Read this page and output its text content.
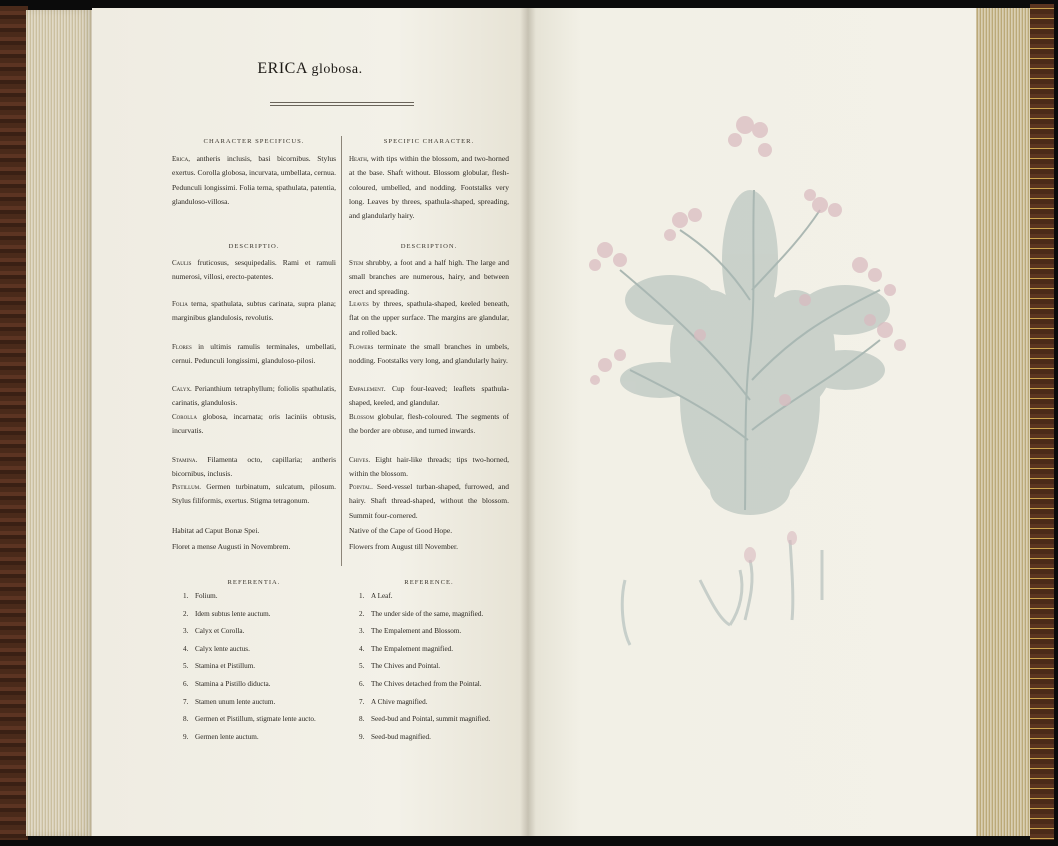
ERICA globosa.
CHARACTER SPECIFICUS.	SPECIFIC CHARACTER.

Erica, antheris inclusis, basi bicornibus. Stylus exertus. Corolla globosa, incurvata, umbellata, cernua. Pedunculi longissimi. Folia terna, spathulata, patentia, glanduloso-villosa.

Heath, with tips within the blossom, and two-horned at the base. Shaft without. Blossom globular, flesh-coloured, umbelled, and nodding. Footstalks very long. Leaves by threes, spathula-shaped, spreading, and glandularly hairy.

DESCRIPTIO.	DESCRIPTION.

Caulis fruticosus, sesquipedalis. Rami et ramuli numerosi, villosi, erecto-patentes.

Folia terna, spathulata, subtus carinata, supra plana; marginibus glandulosis, revolutis.

Flores in ultimis ramulis terminales, umbellati, cernui. Pedunculi longissimi, glanduloso-pilosi.

Calyx. Perianthium tetraphyllum; foliolis spathulatis, carinatis, glandulosis.

Corolla globosa, incarnata; oris laciniis obtusis, incurvatis.

Stamina. Filamenta octo, capillaria; antheris bicornibus, inclusis.

Pistillum. Germen turbinatum, sulcatum, pilosum. Stylus filiformis, exertus. Stigma tetragonum.

Habitat ad Caput Bonæ Spei.

Floret a mense Augusti in Novembrem.

Stem shrubby, a foot and a half high. The large and small branches are numerous, hairy, and between erect and spreading.

Leaves by threes, spathula-shaped, keeled beneath, flat on the upper surface. The margins are glandular, and rolled back.

Flowers terminate the small branches in umbels, nodding. Footstalks very long, and glandularly hairy.

Empalement. Cup four-leaved; leaflets spathula-shaped, keeled, and glandular.

Blossom globular, flesh-coloured. The segments of the border are obtuse, and turned inwards.

Chives. Eight hair-like threads; tips two-horned, within the blossom.

Pointal. Seed-vessel turban-shaped, furrowed, and hairy. Shaft thread-shaped, without the blossom. Summit four-cornered.

Native of the Cape of Good Hope.

Flowers from August till November.

REFERENTIA.	REFERENCE.
1. Folium.
2. Idem subtus lente auctum.
3. Calyx et Corolla.
4. Calyx lente auctus.
5. Stamina et Pistillum.
6. Stamina a Pistillo diducta.
7. Stamen unum lente auctum.
8. Germen et Pistillum, stigmate lente aucto.
9. Germen lente auctum.
1. A Leaf.
2. The under side of the same, magnified.
3. The Empalement and Blossom.
4. The Empalement magnified.
5. The Chives and Pointal.
6. The Chives detached from the Pointal.
7. A Chive magnified.
8. Seed-bud and Pointal, summit magnified.
9. Seed-bud magnified.
